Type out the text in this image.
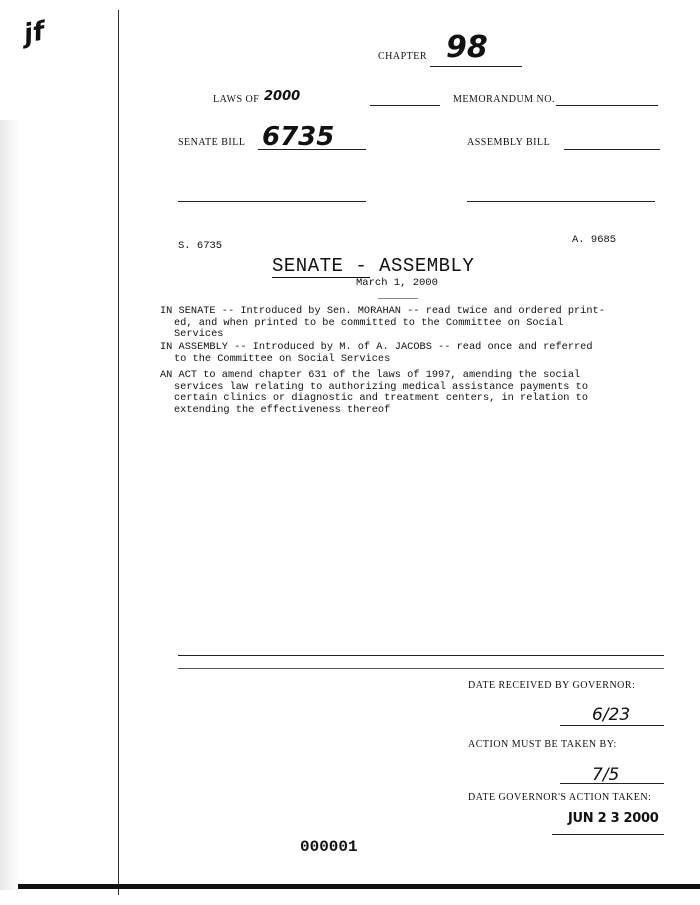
jf
CHAPTER 98
LAWS OF 2000	MEMORANDUM NO.
SENATE BILL 6735	ASSEMBLY BILL
S. 6735	A. 9685
SENATE - ASSEMBLY
March 1, 2000
IN SENATE -- Introduced by Sen. MORAHAN -- read twice and ordered print-
ed, and when printed to be committed to the Committee on Social
Services
IN ASSEMBLY -- Introduced by M. of A. JACOBS -- read once and referred
to the Committee on Social Services
AN ACT to amend chapter 631 of the laws of 1997, amending the social
services law relating to authorizing medical assistance payments to
certain clinics or diagnostic and treatment centers, in relation to
extending the effectiveness thereof
DATE RECEIVED BY GOVERNOR:
6/23
ACTION MUST BE TAKEN BY:
7/5
DATE GOVERNOR'S ACTION TAKEN:
JUN 2 3 2000
000001
